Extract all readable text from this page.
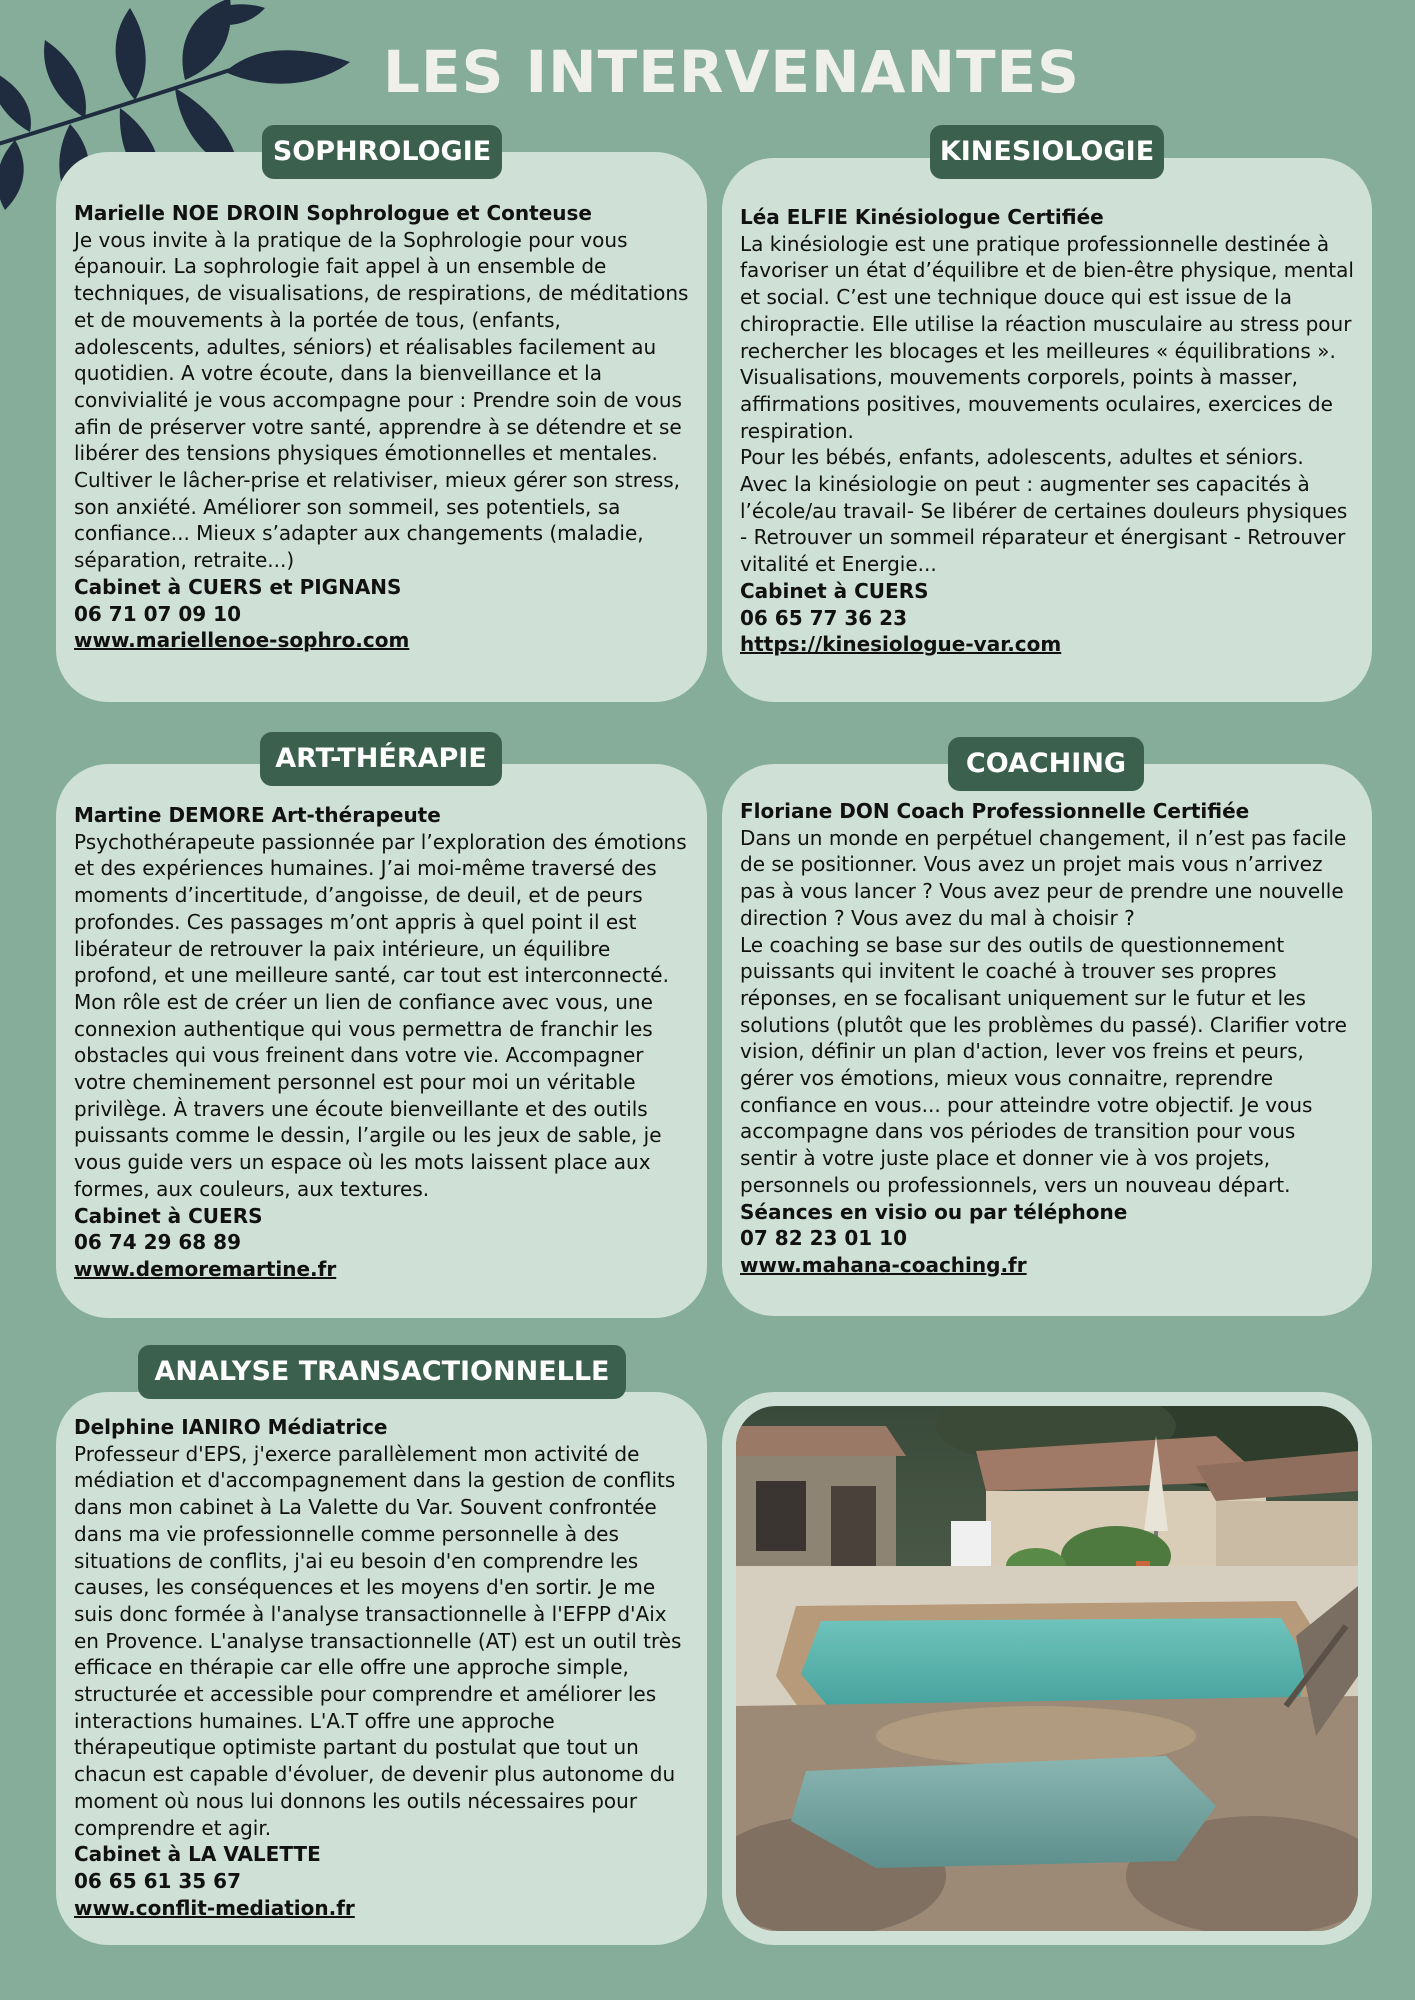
LES INTERVENANTES

Marielle NOE DROIN Sophrologue et Conteuse

Je vous invite à la pratique de la Sophrologie pour vous épanouir. La sophrologie fait appel à un ensemble de techniques, de visualisations, de respirations, de méditations et de mouvements à la portée de tous, (enfants, adolescents, adultes, séniors) et réalisables facilement au quotidien. A votre écoute, dans la bienveillance et la convivialité je vous accompagne pour : Prendre soin de vous afin de préserver votre santé, apprendre à se détendre et se libérer des tensions physiques émotionnelles et mentales. Cultiver le lâcher-prise et relativiser, mieux gérer son stress, son anxiété. Améliorer son sommeil, ses potentiels, sa confiance... Mieux s’adapter aux changements (maladie, séparation, retraite...)

Cabinet à CUERS et PIGNANS

06 71 07 09 10

www.mariellenoe-sophro.com

SOPHROLOGIE

Léa ELFIE Kinésiologue Certifiée

La kinésiologie est une pratique professionnelle destinée à favoriser un état d’équilibre et de bien-être physique, mental et social. C’est une technique douce qui est issue de la chiropractie. Elle utilise la réaction musculaire au stress pour rechercher les blocages et les meilleures « équilibrations ». Visualisations, mouvements corporels, points à masser, affirmations positives, mouvements oculaires, exercices de respiration.

Pour les bébés, enfants, adolescents, adultes et séniors. Avec la kinésiologie on peut : augmenter ses capacités à l’école/au travail- Se libérer de certaines douleurs physiques - Retrouver un sommeil réparateur et énergisant - Retrouver vitalité et Energie...

Cabinet à CUERS

06 65 77 36 23

https://kinesiologue-var.com

KINESIOLOGIE

Martine DEMORE Art-thérapeute

Psychothérapeute passionnée par l’exploration des émotions et des expériences humaines. J’ai moi-même traversé des moments d’incertitude, d’angoisse, de deuil, et de peurs profondes. Ces passages m’ont appris à quel point il est libérateur de retrouver la paix intérieure, un équilibre profond, et une meilleure santé, car tout est interconnecté. Mon rôle est de créer un lien de confiance avec vous, une connexion authentique qui vous permettra de franchir les obstacles qui vous freinent dans votre vie. Accompagner votre cheminement personnel est pour moi un véritable privilège. À travers une écoute bienveillante et des outils puissants comme le dessin, l’argile ou les jeux de sable, je vous guide vers un espace où les mots laissent place aux formes, aux couleurs, aux textures.

Cabinet à CUERS

06 74 29 68 89

www.demoremartine.fr

ART-THÉRAPIE

Floriane DON Coach Professionnelle Certifiée

Dans un monde en perpétuel changement, il n’est pas facile de se positionner. Vous avez un projet mais vous n’arrivez pas à vous lancer ? Vous avez peur de prendre une nouvelle direction ? Vous avez du mal à choisir ?

Le coaching se base sur des outils de questionnement puissants qui invitent le coaché à trouver ses propres réponses, en se focalisant uniquement sur le futur et les solutions (plutôt que les problèmes du passé). Clarifier votre vision, définir un plan d'action, lever vos freins et peurs, gérer vos émotions, mieux vous connaitre, reprendre confiance en vous... pour atteindre votre objectif. Je vous accompagne dans vos périodes de transition pour vous sentir à votre juste place et donner vie à vos projets, personnels ou professionnels, vers un nouveau départ.

Séances en visio ou par téléphone

07 82 23 01 10

www.mahana-coaching.fr

COACHING

Delphine IANIRO Médiatrice

Professeur d'EPS, j'exerce parallèlement mon activité de médiation et d'accompagnement dans la gestion de conflits dans mon cabinet à La Valette du Var. Souvent confrontée dans ma vie professionnelle comme personnelle à des situations de conflits, j'ai eu besoin d'en comprendre les causes, les conséquences et les moyens d'en sortir. Je me suis donc formée à l'analyse transactionnelle à l'EFPP d'Aix en Provence. L'analyse transactionnelle (AT) est un outil très efficace en thérapie car elle offre une approche simple, structurée et accessible pour comprendre et améliorer les interactions humaines. L'A.T offre une approche thérapeutique optimiste partant du postulat que tout un chacun est capable d'évoluer, de devenir plus autonome du moment où nous lui donnons les outils nécessaires pour comprendre et agir.

Cabinet à LA VALETTE

06 65 61 35 67

www.conflit-mediation.fr

ANALYSE TRANSACTIONNELLE
